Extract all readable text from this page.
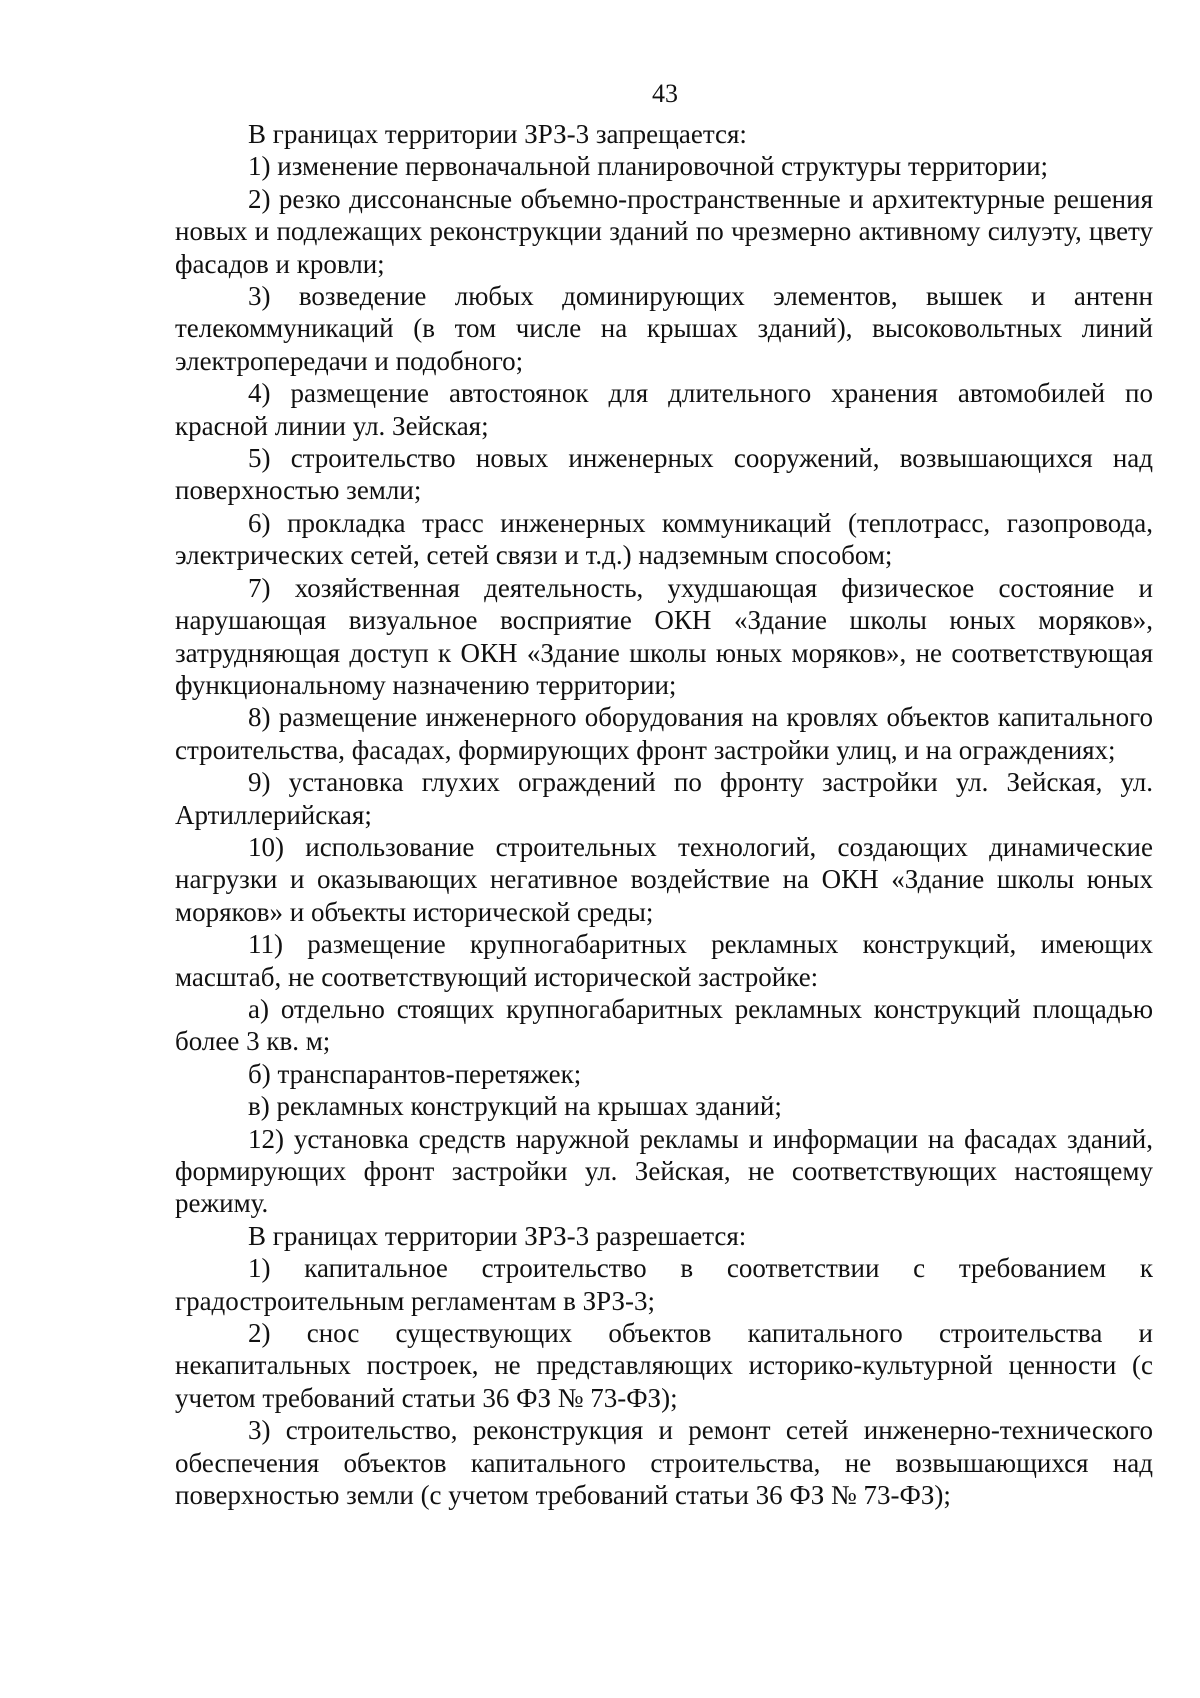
43

В границах территории ЗРЗ-3 запрещается:

1) изменение первоначальной планировочной структуры территории;

2) резко диссонансные объемно-пространственные и архитектурные решения новых и подлежащих реконструкции зданий по чрезмерно активному силуэту, цвету фасадов и кровли;

3) возведение любых доминирующих элементов, вышек и антенн телекоммуникаций (в том числе на крышах зданий), высоковольтных линий электропередачи и подобного;

4) размещение автостоянок для длительного хранения автомобилей по красной линии ул. Зейская;

5) строительство новых инженерных сооружений, возвышающихся над поверхностью земли;

6) прокладка трасс инженерных коммуникаций (теплотрасс, газопровода, электрических сетей, сетей связи и т.д.) надземным способом;

7) хозяйственная деятельность, ухудшающая физическое состояние и нарушающая визуальное восприятие ОКН «Здание школы юных моряков», затрудняющая доступ к ОКН «Здание школы юных моряков», не соответствующая функциональному назначению территории;

8) размещение инженерного оборудования на кровлях объектов капитального строительства, фасадах, формирующих фронт застройки улиц, и на ограждениях;

9) установка глухих ограждений по фронту застройки ул. Зейская, ул. Артиллерийская;

10) использование строительных технологий, создающих динамические нагрузки и оказывающих негативное воздействие на ОКН «Здание школы юных моряков» и объекты исторической среды;

11) размещение крупногабаритных рекламных конструкций, имеющих масштаб, не соответствующий исторической застройке:

а) отдельно стоящих крупногабаритных рекламных конструкций площадью более 3 кв. м;

б) транспарантов-перетяжек;

в) рекламных конструкций на крышах зданий;

12) установка средств наружной рекламы и информации на фасадах зданий, формирующих фронт застройки ул. Зейская, не соответствующих настоящему режиму.

В границах территории ЗРЗ-3 разрешается:

1) капитальное строительство в соответствии с требованием к градостроительным регламентам в ЗРЗ-3;

2) снос существующих объектов капитального строительства и некапитальных построек, не представляющих историко-культурной ценности (с учетом требований статьи 36 ФЗ № 73-ФЗ);

3) строительство, реконструкция и ремонт сетей инженерно-технического обеспечения объектов капитального строительства, не возвышающихся над поверхностью земли (с учетом требований статьи 36 ФЗ № 73-ФЗ);
